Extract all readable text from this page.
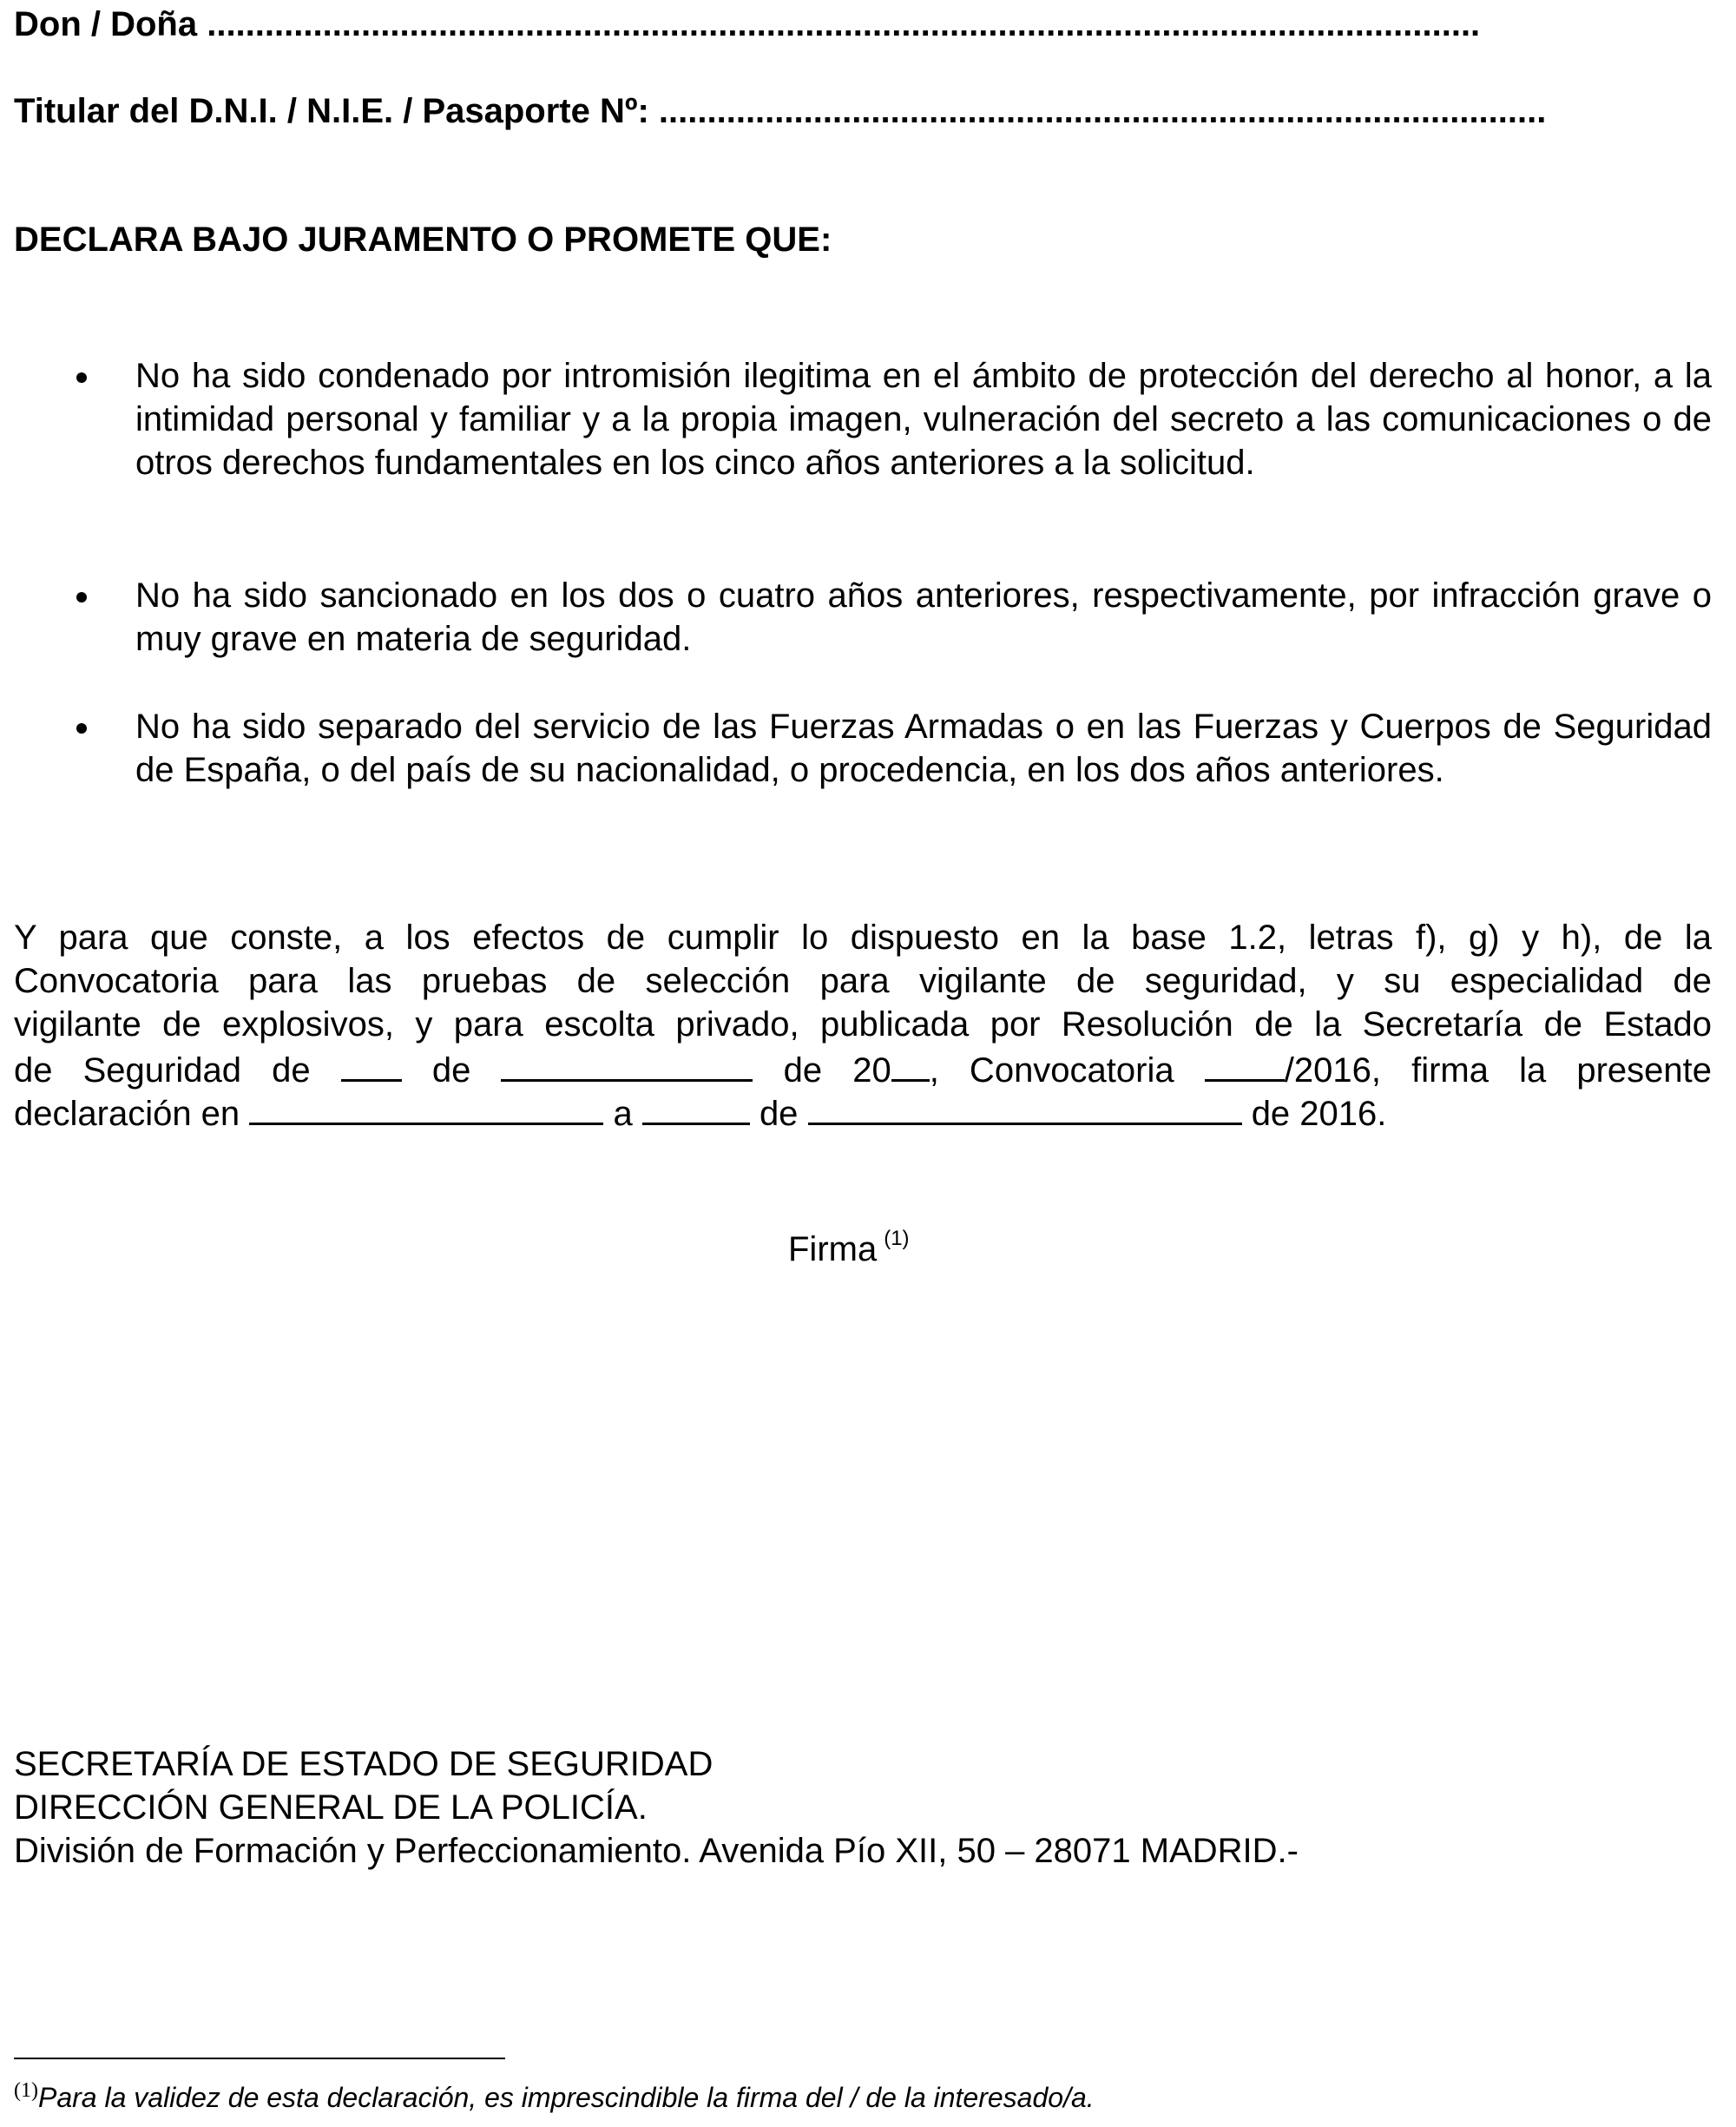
Don / Doña ....................................................................................................................................
Titular del D.N.I. / N.I.E. / Pasaporte Nº: ............................................................................................
DECLARA BAJO JURAMENTO O PROMETE QUE:
No ha sido condenado por intromisión ilegitima en el ámbito de protección del derecho al honor, a la intimidad personal y familiar y a la propia imagen, vulneración del secreto a las comunicaciones o de otros derechos fundamentales en los cinco años anteriores a la solicitud.
No ha sido sancionado en los dos o cuatro años anteriores, respectivamente, por infracción grave o muy grave en materia de seguridad.
No ha sido separado del servicio de las Fuerzas Armadas o en las Fuerzas y Cuerpos de Seguridad de España, o del país de su nacionalidad, o procedencia, en los dos años anteriores.
Y para que conste, a los efectos de cumplir lo dispuesto en la base 1.2, letras f), g) y h), de la
Convocatoria para las pruebas de selección para vigilante de seguridad, y su especialidad de
vigilante de explosivos, y para escolta privado, publicada por Resolución de la Secretaría de Estado
de Seguridad de	de	de 20 , Convocatoria	/2016, firma la presente
declaración en	a	de	de 2016.
Firma $^{(1)}$
SECRETARÍA DE ESTADO DE SEGURIDAD
DIRECCIÓN GENERAL DE LA POLICÍA.
División de Formación y Perfeccionamiento. Avenida Pío XII, 50 – 28071 MADRID.-
$^{(1)}$Para la validez de esta declaración, es imprescindible la firma del / de la interesado/a.
